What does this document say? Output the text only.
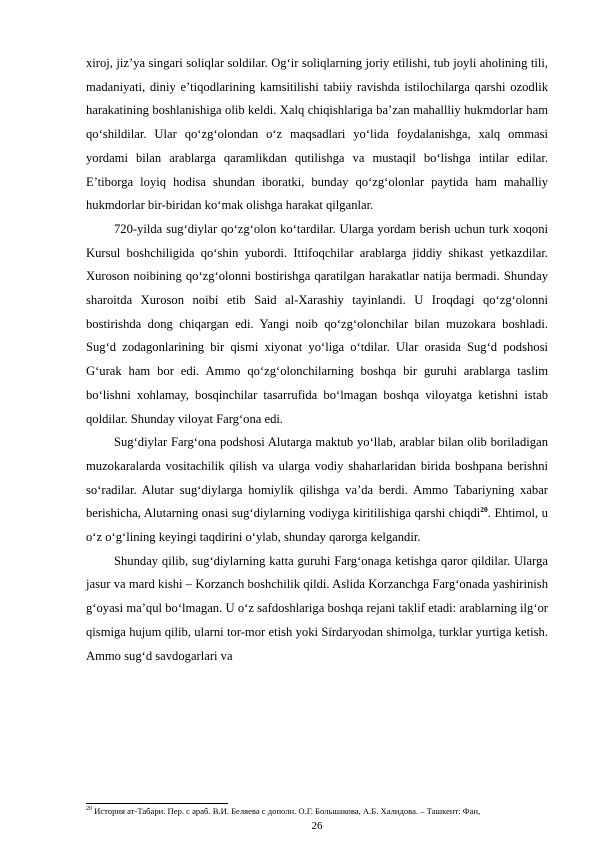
xiroj, jiz’ya singari soliqlar soldilar. Og‘ir soliqlarning joriy etilishi, tub joyli aholining tili, madaniyati, diniy e’tiqodlarining kamsitilishi tabiiy ravishda istilochilarga qarshi ozodlik harakatining boshlanishiga olib keldi. Xalq chiqishlariga ba’zan mahallliy hukmdorlar ham qo‘shildilar. Ular qo‘zg‘olondan o‘z maqsadlari yo‘lida foydalanishga, xalq ommasi yordami bilan arablarga qaramlikdan qutilishga va mustaqil bo‘lishga intilar edilar. E’tiborga loyiq hodisa shundan iboratki, bunday qo‘zg‘olonlar paytida ham mahalliy hukmdorlar bir-biridan ko‘mak olishga harakat qilganlar.

720-yilda sug‘diylar qo‘zg‘olon ko‘tardilar. Ularga yordam berish uchun turk xoqoni Kursul boshchiligida qo‘shin yubordi. Ittifoqchilar arablarga jiddiy shikast yetkazdilar. Xuroson noibining qo‘zg‘olonni bostirishga qaratilgan harakatlar natija bermadi. Shunday sharoitda Xuroson noibi etib Said al-Xarashiy tayinlandi. U Iroqdagi qo‘zg‘olonni bostirishda dong chiqargan edi. Yangi noib qo‘zg‘olonchilar bilan muzokara boshladi. Sug‘d zodagonlarining bir qismi xiyonat yo‘liga o‘tdilar. Ular orasida Sug‘d podshosi G‘urak ham bor edi. Ammo qo‘zg‘olonchilarning boshqa bir guruhi arablarga taslim bo‘lishni xohlamay, bosqinchilar tasarrufida bo‘lmagan boshqa viloyatga ketishni istab qoldilar. Shunday viloyat Farg‘ona edi.

Sug‘diylar Farg‘ona podshosi Alutarga maktub yo‘llab, arablar bilan olib boriladigan muzokaralarda vositachilik qilish va ularga vodiy shaharlaridan birida boshpana berishni so‘radilar. Alutar sug‘diylarga homiylik qilishga va’da berdi. Ammo Tabariyning xabar berishicha, Alutarning onasi sug‘diylarning vodiyga kiritilishiga qarshi chiqdi$^{20}$. Ehtimol, u o‘z o‘g‘lining keyingi taqdirini o‘ylab, shunday qarorga kelgandir.

Shunday qilib, sug‘diylarning katta guruhi Farg‘onaga ketishga qaror qildilar. Ularga jasur va mard kishi – Korzanch boshchilik qildi. Aslida Korzanchga Farg‘onada yashirinish g‘oyasi ma’qul bo‘lmagan. U o‘z safdoshlariga boshqa rejani taklif etadi: arablarning ilg‘or qismiga hujum qilib, ularni tor-mor etish yoki Sirdaryodan shimolga, turklar yurtiga ketish. Ammo sug‘d savdogarlari va

$^{20}$ История ат-Табари. Пер. с араб. В.И. Беляева с дополн. О.Г. Большакова, А.Б. Халидова. – Ташкент: Фан,
26
